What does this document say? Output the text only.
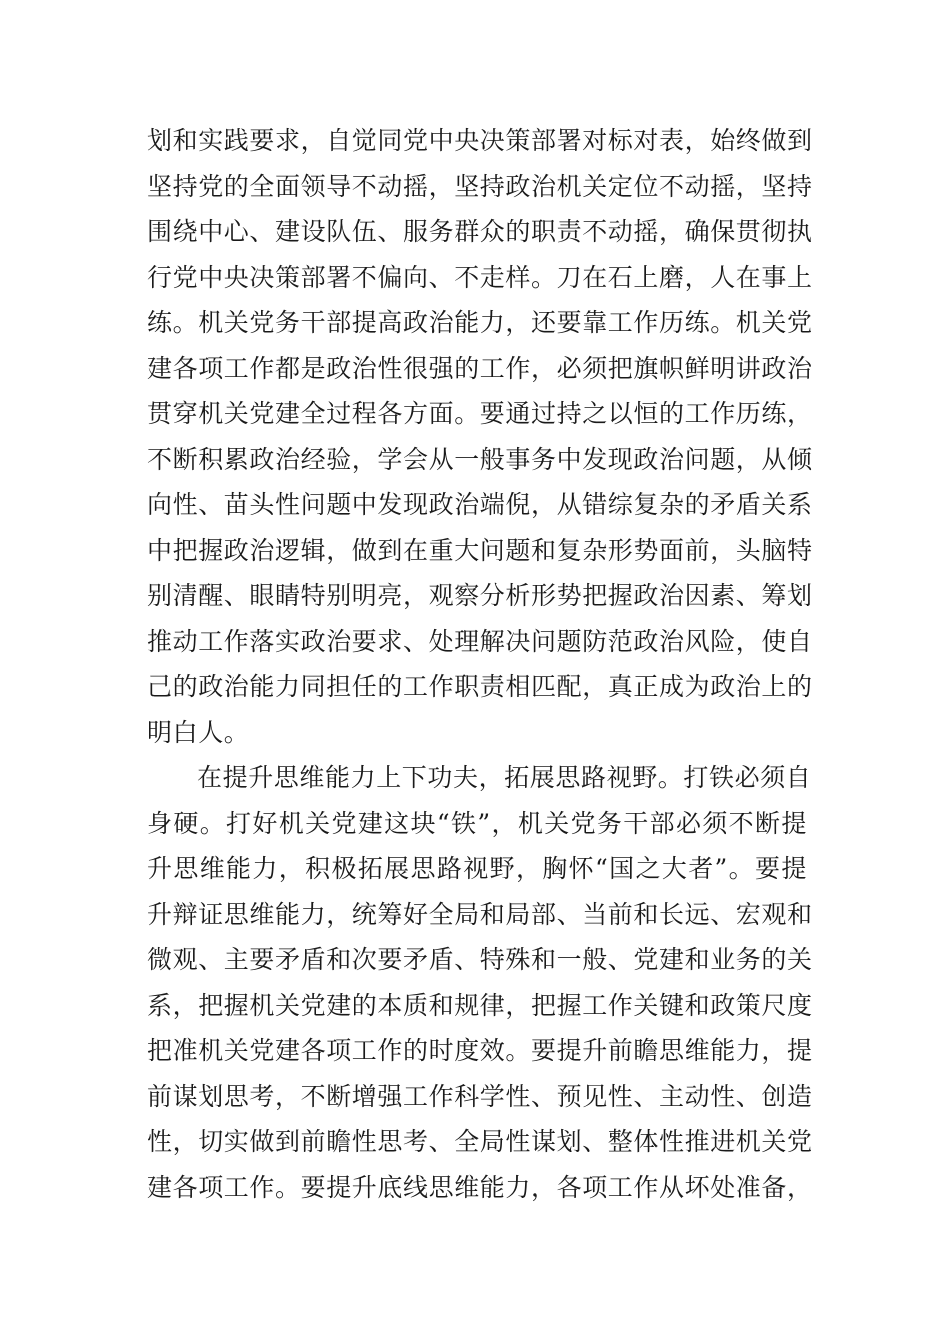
划和实践要求，自觉同党中央决策部署对标对表，始终做到
坚持党的全面领导不动摇，坚持政治机关定位不动摇，坚持
围绕中心、建设队伍、服务群众的职责不动摇，确保贯彻执
行党中央决策部署不偏向、不走样。刀在石上磨，人在事上
练。机关党务干部提高政治能力，还要靠工作历练。机关党
建各项工作都是政治性很强的工作，必须把旗帜鲜明讲政治
贯穿机关党建全过程各方面。要通过持之以恒的工作历练，
不断积累政治经验，学会从一般事务中发现政治问题，从倾
向性、苗头性问题中发现政治端倪，从错综复杂的矛盾关系
中把握政治逻辑，做到在重大问题和复杂形势面前，头脑特
别清醒、眼睛特别明亮，观察分析形势把握政治因素、筹划
推动工作落实政治要求、处理解决问题防范政治风险，使自
己的政治能力同担任的工作职责相匹配，真正成为政治上的
明白人。
在提升思维能力上下功夫，拓展思路视野。打铁必须自
身硬。打好机关党建这块“铁”，机关党务干部必须不断提
升思维能力，积极拓展思路视野，胸怀“国之大者”。要提
升辩证思维能力，统筹好全局和局部、当前和长远、宏观和
微观、主要矛盾和次要矛盾、特殊和一般、党建和业务的关
系，把握机关党建的本质和规律，把握工作关键和政策尺度
把准机关党建各项工作的时度效。要提升前瞻思维能力，提
前谋划思考，不断增强工作科学性、预见性、主动性、创造
性，切实做到前瞻性思考、全局性谋划、整体性推进机关党
建各项工作。要提升底线思维能力，各项工作从坏处准备，
